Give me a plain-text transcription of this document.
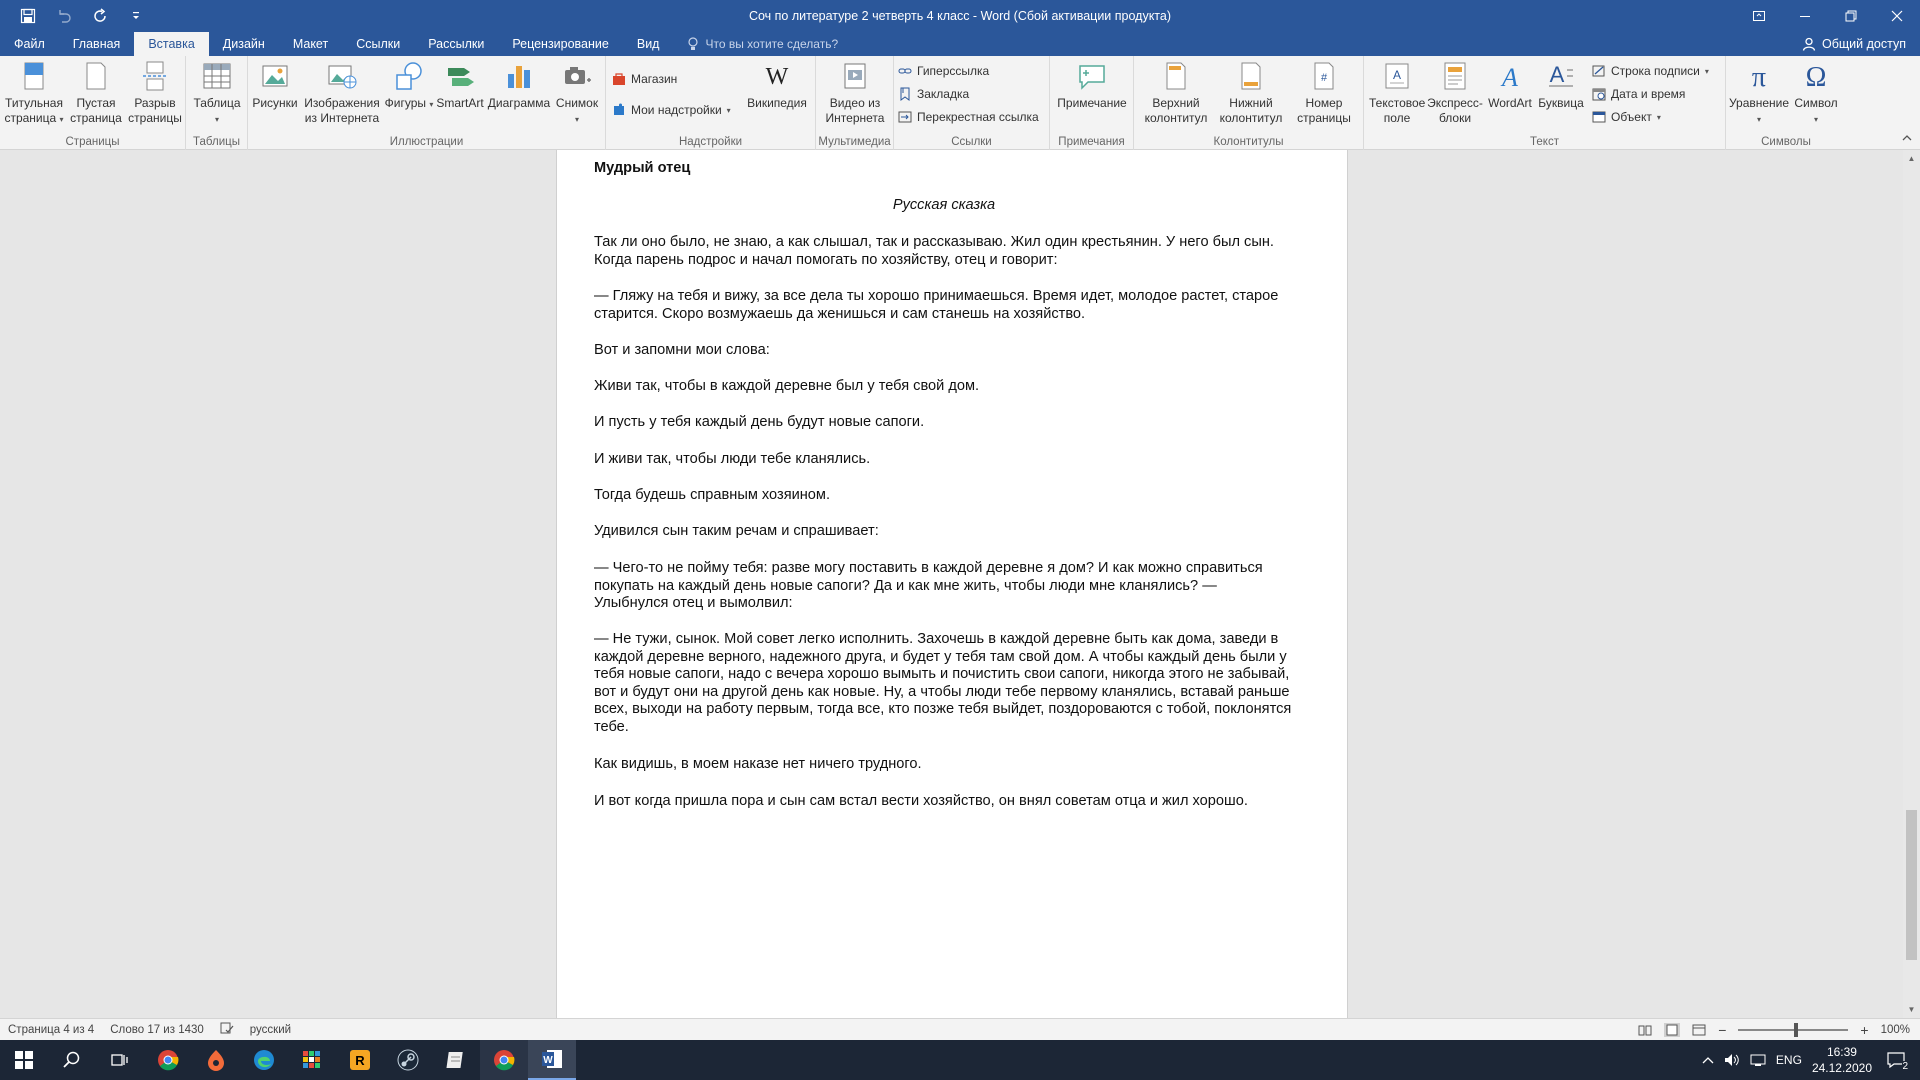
Соч по литературе 2 четверть 4 класс - Word (Сбой активации продукта)
Файл	Главная	Вставка	Дизайн	Макет	Ссылки	Рассылки	Рецензирование	Вид	Что вы хотите сделать?	Общий доступ
Титульная страница ▾
Пустая страница
Разрыв страницы
Страницы
Таблица
▾
Таблицы
Рисунки Изображения из Интернета
Фигуры ▾ SmartArt Диаграмма Снимок
▾
Иллюстрации
Магазин
Мои надстройки ▾
W
Википедия
Надстройки
Видео из Интернета
Мультимедиа
Гиперссылка
Закладка
Перекрестная ссылка
Ссылки
Примечание
Примечания
Верхний колонтитул
Нижний колонтитул
#
Номер страницы
Колонтитулы
A
Текстовое поле
Экспресс-блоки
A
WordArt
A
Буквица
Строка подписи ▾
Дата и время
Объект ▾
Текст
π
Уравнение
▾
Ω
Символ
▾
Символы
Мудрый отец
Русская сказка
Так ли оно было, не знаю, а как слышал, так и рассказываю. Жил один крестьянин. У него был сын. Когда парень подрос и начал помогать по хозяйству, отец и говорит:
— Гляжу на тебя и вижу, за все дела ты хорошо принимаешься. Время идет, молодое растет, старое старится. Скоро возмужаешь да женишься и сам станешь на хозяйство.
Вот и запомни мои слова:
Живи так, чтобы в каждой деревне был у тебя свой дом.
И пусть у тебя каждый день будут новые сапоги.
И живи так, чтобы люди тебе кланялись.
Тогда будешь справным хозяином.
Удивился сын таким речам и спрашивает:
— Чего-то не пойму тебя: разве могу поставить в каждой деревне я дом? И как можно справиться покупать на каждый день новые сапоги? Да и как мне жить, чтобы люди мне кланялись? — Улыбнулся отец и вымолвил:
— Не тужи, сынок. Мой совет легко исполнить. Захочешь в каждой деревне быть как дома, заведи в каждой деревне верного, надежного друга, и будет у тебя там свой дом. А чтобы каждый день были у тебя новые сапоги, надо с вечера хорошо вымыть и почистить свои сапоги, никогда этого не забывай, вот и будут они на другой день как новые. Ну, а чтобы люди тебе первому кланялись, вставай раньше всех, выходи на работу первым, тогда все, кто позже тебя выйдет, поздороваются с тобой, поклонятся тебе.
Как видишь, в моем наказе нет ничего трудного.
И вот когда пришла пора и сын сам встал вести хозяйство, он внял советам отца и жил хорошо.
▲
▼
Страница 4 из 4	Слово 17 из 1430	русский	−	+ 100%
R	W	ENG
16:39
24.12.2020	2
